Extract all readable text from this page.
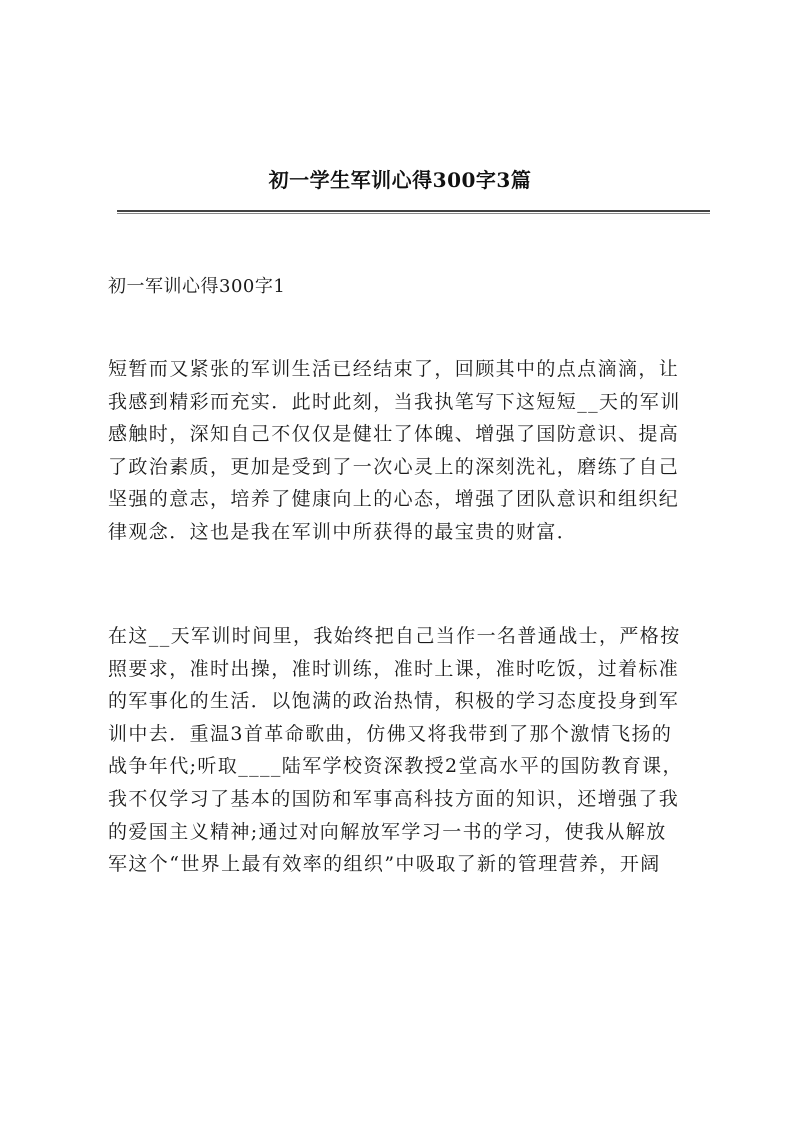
初一学生军训心得300字3篇
初一军训心得300字1
短暂而又紧张的军训生活已经结束了，回顾其中的点点滴滴，让
我感到精彩而充实．此时此刻，当我执笔写下这短短__天的军训
感触时，深知自己不仅仅是健壮了体魄、增强了国防意识、提高
了政治素质，更加是受到了一次心灵上的深刻洗礼，磨练了自己
坚强的意志，培养了健康向上的心态，增强了团队意识和组织纪
律观念．这也是我在军训中所获得的最宝贵的财富．
在这__天军训时间里，我始终把自己当作一名普通战士，严格按
照要求，准时出操，准时训练，准时上课，准时吃饭，过着标准
的军事化的生活．以饱满的政治热情，积极的学习态度投身到军
训中去．重温3首革命歌曲，仿佛又将我带到了那个激情飞扬的
战争年代;听取____陆军学校资深教授2堂高水平的国防教育课，
我不仅学习了基本的国防和军事高科技方面的知识，还增强了我
的爱国主义精神;通过对向解放军学习一书的学习，使我从解放
军这个“世界上最有效率的组织”中吸取了新的管理营养，开阔
